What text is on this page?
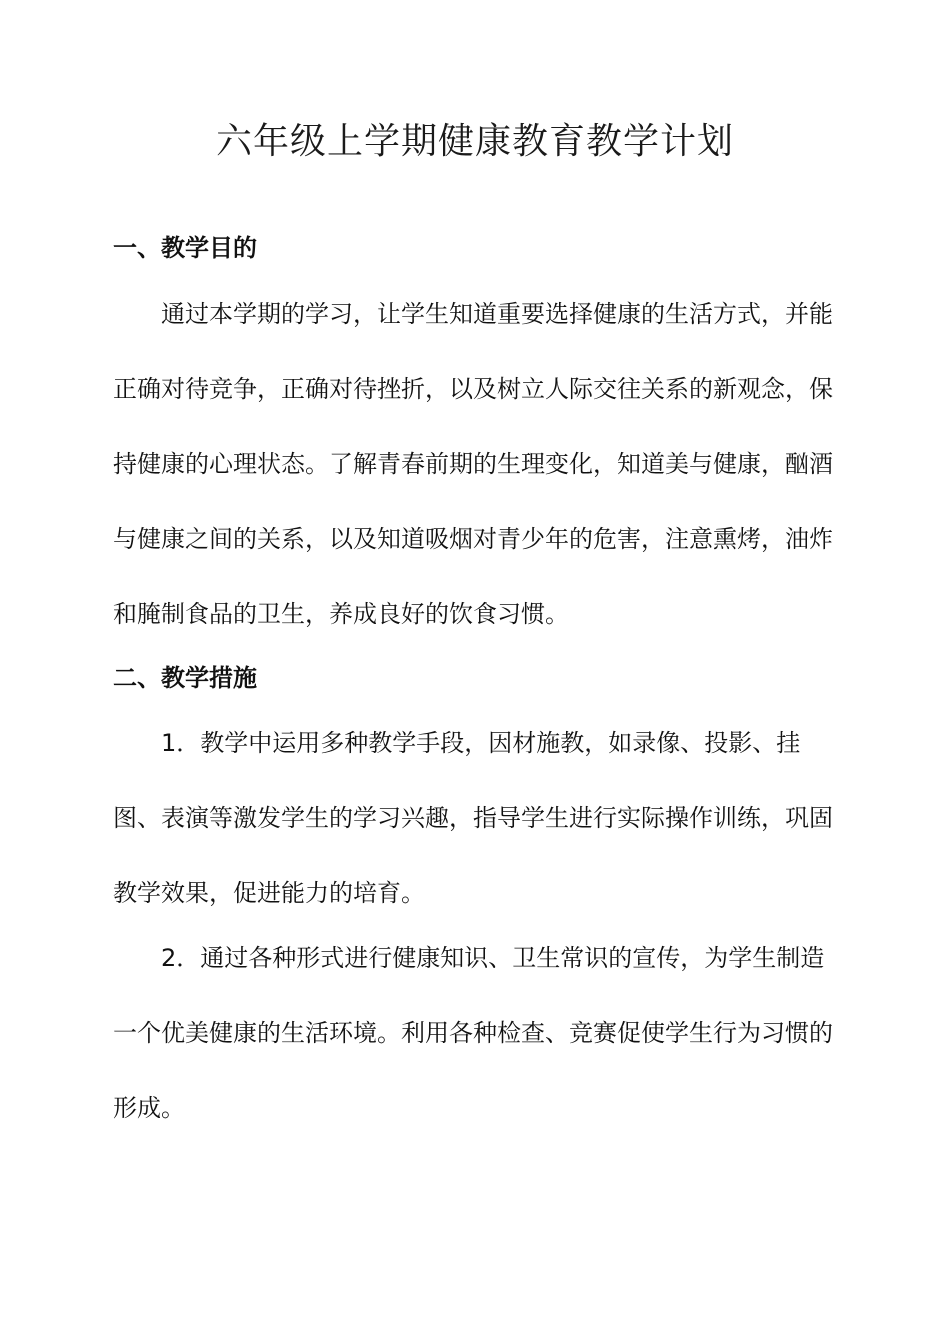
六年级上学期健康教育教学计划
一、教学目的
通过本学期的学习，让学生知道重要选择健康的生活方式，并能正确对待竞争，正确对待挫折，以及树立人际交往关系的新观念，保持健康的心理状态。了解青春前期的生理变化，知道美与健康，酗酒与健康之间的关系，以及知道吸烟对青少年的危害，注意熏烤，油炸和腌制食品的卫生，养成良好的饮食习惯。
二、教学措施
1．教学中运用多种教学手段，因材施教，如录像、投影、挂图、表演等激发学生的学习兴趣，指导学生进行实际操作训练，巩固教学效果，促进能力的培育。
2．通过各种形式进行健康知识、卫生常识的宣传，为学生制造一个优美健康的生活环境。利用各种检查、竞赛促使学生行为习惯的形成。
